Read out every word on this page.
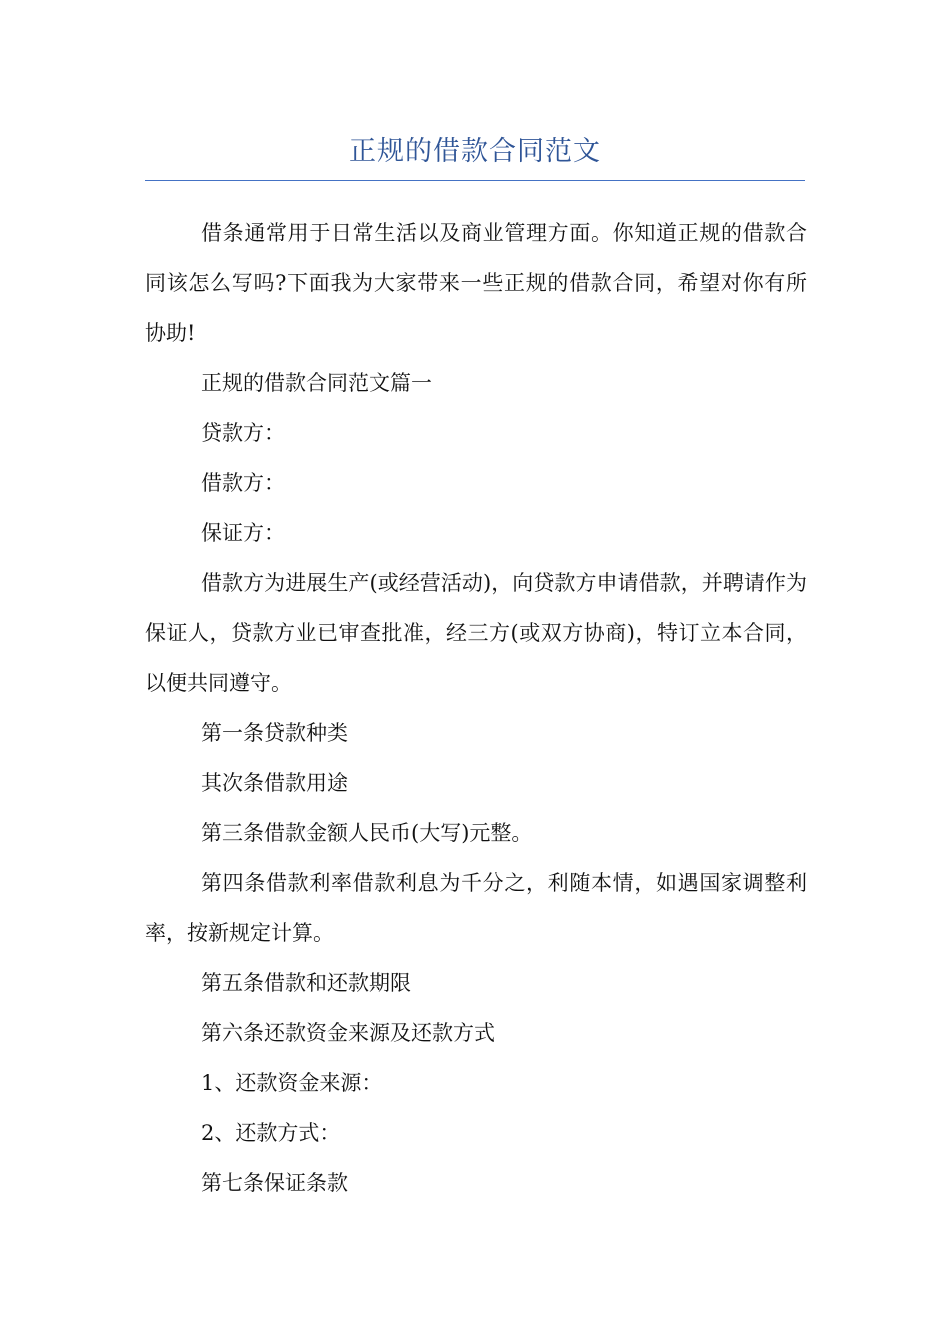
正规的借款合同范文

借条通常用于日常生活以及商业管理方面。你知道正规的借款合同该怎么写吗?下面我为大家带来一些正规的借款合同，希望对你有所协助!

正规的借款合同范文篇一

贷款方：

借款方：

保证方：

借款方为进展生产(或经营活动)，向贷款方申请借款，并聘请作为保证人，贷款方业已审查批准，经三方(或双方协商)，特订立本合同，以便共同遵守。

第一条贷款种类

其次条借款用途

第三条借款金额人民币(大写)元整。

第四条借款利率借款利息为千分之，利随本情，如遇国家调整利率，按新规定计算。

第五条借款和还款期限

第六条还款资金来源及还款方式

1、还款资金来源：

2、还款方式：

第七条保证条款
